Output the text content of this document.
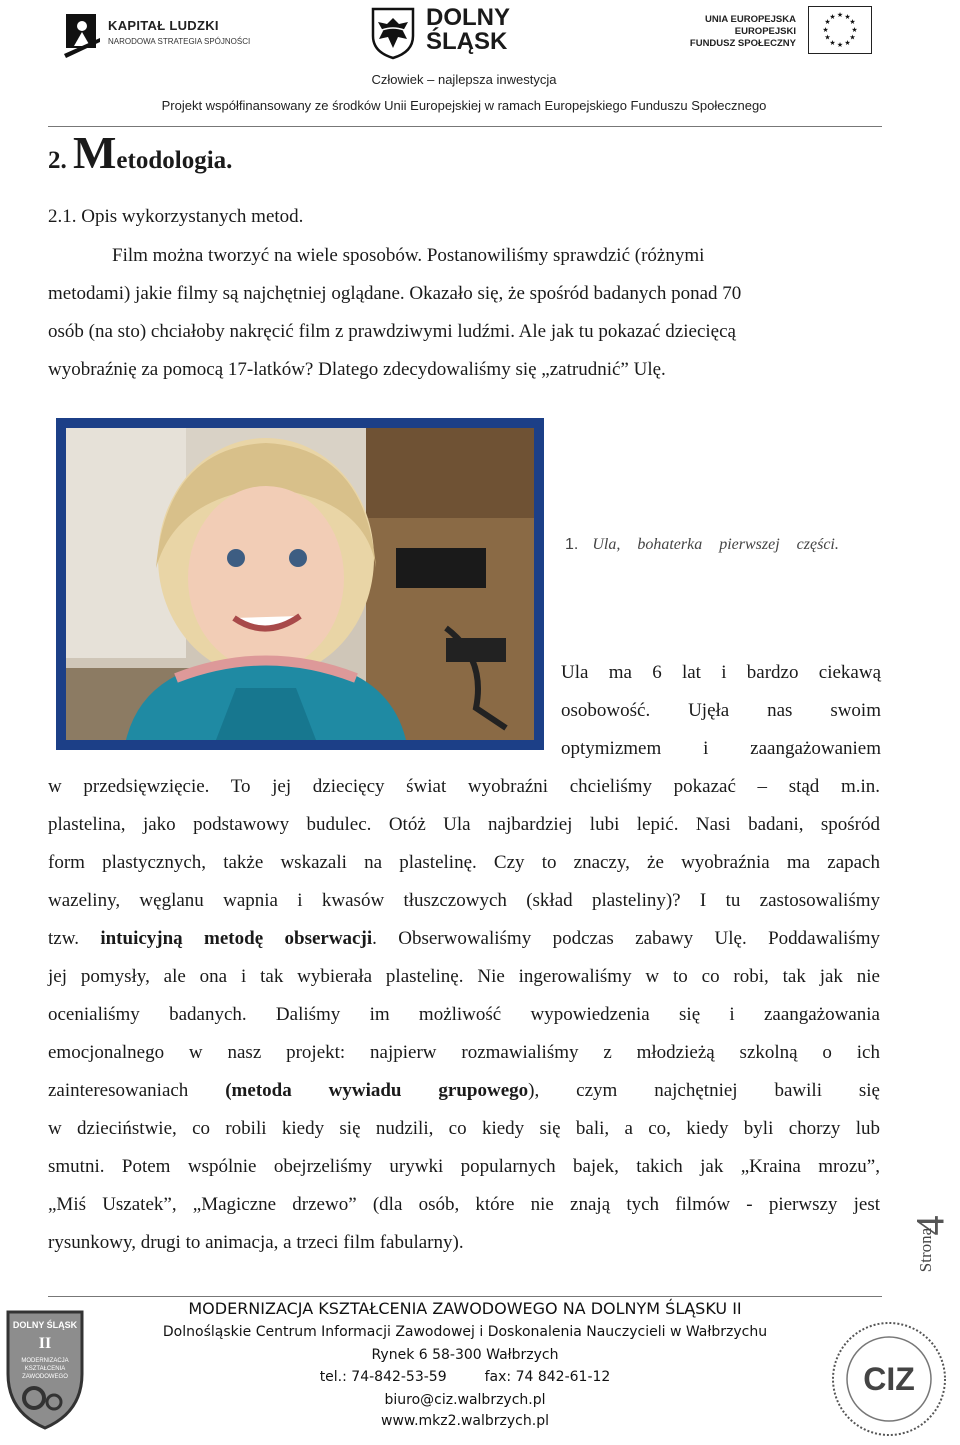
KAPITAŁ LUDZKI
NARODOWA STRATEGIA SPÓJNOŚCI
DOLNY
ŚLĄSK
UNIA EUROPEJSKA
EUROPEJSKI
FUNDUSZ SPOŁECZNY
★ ★
★
★
★
★
★
★
★
★
★
★
Człowiek – najlepsza inwestycja
Projekt współfinansowany ze środków Unii Europejskiej w ramach Europejskiego Funduszu Społecznego
2. Metodologia.
2.1. Opis wykorzystanych metod.
Film można tworzyć na wiele sposobów. Postanowiliśmy sprawdzić (różnymi
metodami) jakie filmy są najchętniej oglądane. Okazało się, że spośród badanych ponad 70
osób (na sto) chciałoby nakręcić film z prawdziwymi ludźmi. Ale jak tu pokazać dziecięcą
wyobraźnię za pomocą 17-latków? Dlatego zdecydowaliśmy się „zatrudnić” Ulę.
1. Ula, bohaterka pierwszej części.
Ula ma 6 lat i bardzo ciekawą
osobowość. Ujęła nas swoim
optymizmem i zaangażowaniem
w przedsięwzięcie. To jej dziecięcy świat wyobraźni chcieliśmy pokazać – stąd m.in.
plastelina, jako podstawowy budulec. Otóż Ula najbardziej lubi lepić. Nasi badani, spośród
form plastycznych, także wskazali na plastelinę. Czy to znaczy, że wyobraźnia ma zapach
wazeliny, węglanu wapnia i kwasów tłuszczowych (skład plasteliny)? I tu zastosowaliśmy
tzw. intuicyjną metodę obserwacji. Obserwowaliśmy podczas zabawy Ulę. Poddawaliśmy
jej pomysły, ale ona i tak wybierała plastelinę. Nie ingerowaliśmy w to co robi, tak jak nie
ocenialiśmy badanych. Daliśmy im możliwość wypowiedzenia się i zaangażowania
emocjonalnego w nasz projekt: najpierw rozmawialiśmy z młodzieżą szkolną o ich
zainteresowaniach (metoda wywiadu grupowego), czym najchętniej bawili się
w dzieciństwie, co robili kiedy się nudzili, co kiedy się bali, a co, kiedy byli chorzy lub
smutni. Potem wspólnie obejrzeliśmy urywki popularnych bajek, takich jak „Kraina mrozu”,
„Miś Uszatek”, „Magiczne drzewo” (dla osób, które nie znają tych filmów - pierwszy jest
rysunkowy, drugi to animacja, a trzeci film fabularny).
4
Strona
DOLNY ŚLĄSK
II
MODERNIZACJA
KSZTAŁCENIA
ZAWODOWEGO
MODERNIZACJA KSZTAŁCENIA ZAWODOWEGO NA DOLNYM ŚLĄSKU II
Dolnośląskie Centrum Informacji Zawodowej i Doskonalenia Nauczycieli w Wałbrzychu
Rynek 6 58-300 Wałbrzych
tel.: 74-842-53-59	fax: 74 842-61-12
biuro@ciz.walbrzych.pl
www.mkz2.walbrzych.pl
CIZ
